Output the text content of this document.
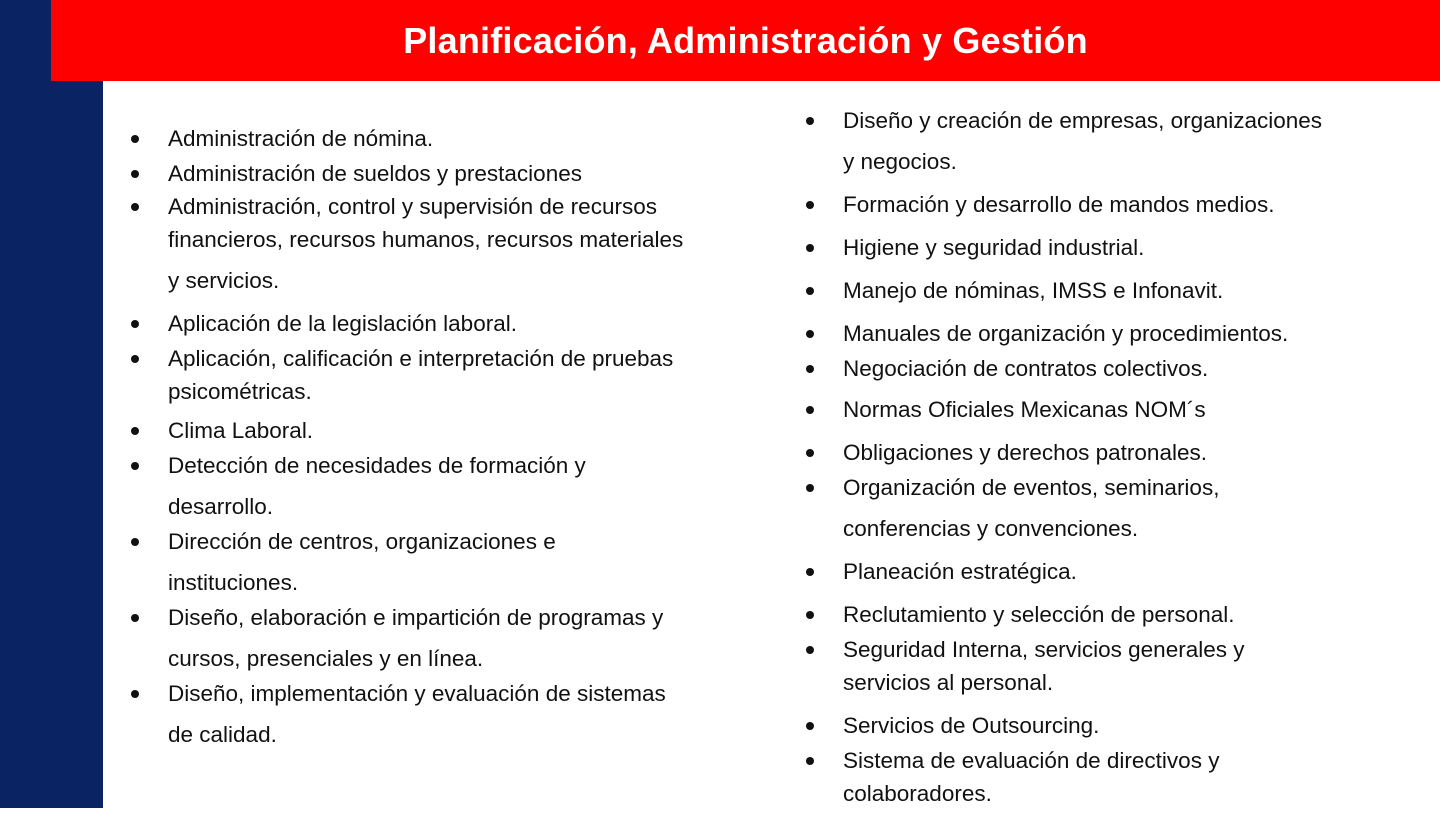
Planificación, Administración y Gestión
Administración de nómina.
Administración de sueldos y prestaciones
Administración, control y supervisión de recursos
financieros, recursos humanos, recursos materiales
y servicios.
Aplicación de la legislación laboral.
Aplicación, calificación e interpretación de pruebas
psicométricas.
Clima Laboral.
Detección de necesidades de formación y
desarrollo.
Dirección de centros, organizaciones e
instituciones.
Diseño, elaboración e impartición de programas y
cursos, presenciales y en línea.
Diseño, implementación y evaluación de sistemas
de calidad.
Diseño y creación de empresas, organizaciones
y negocios.
Formación y desarrollo de mandos medios.
Higiene y seguridad industrial.
Manejo de nóminas, IMSS e Infonavit.
Manuales de organización y procedimientos.
Negociación de contratos colectivos.
Normas Oficiales Mexicanas NOM´s
Obligaciones y derechos patronales.
Organización de eventos, seminarios,
conferencias y convenciones.
Planeación estratégica.
Reclutamiento y selección de personal.
Seguridad Interna, servicios generales y
servicios al personal.
Servicios de Outsourcing.
Sistema de evaluación de directivos y
colaboradores.
